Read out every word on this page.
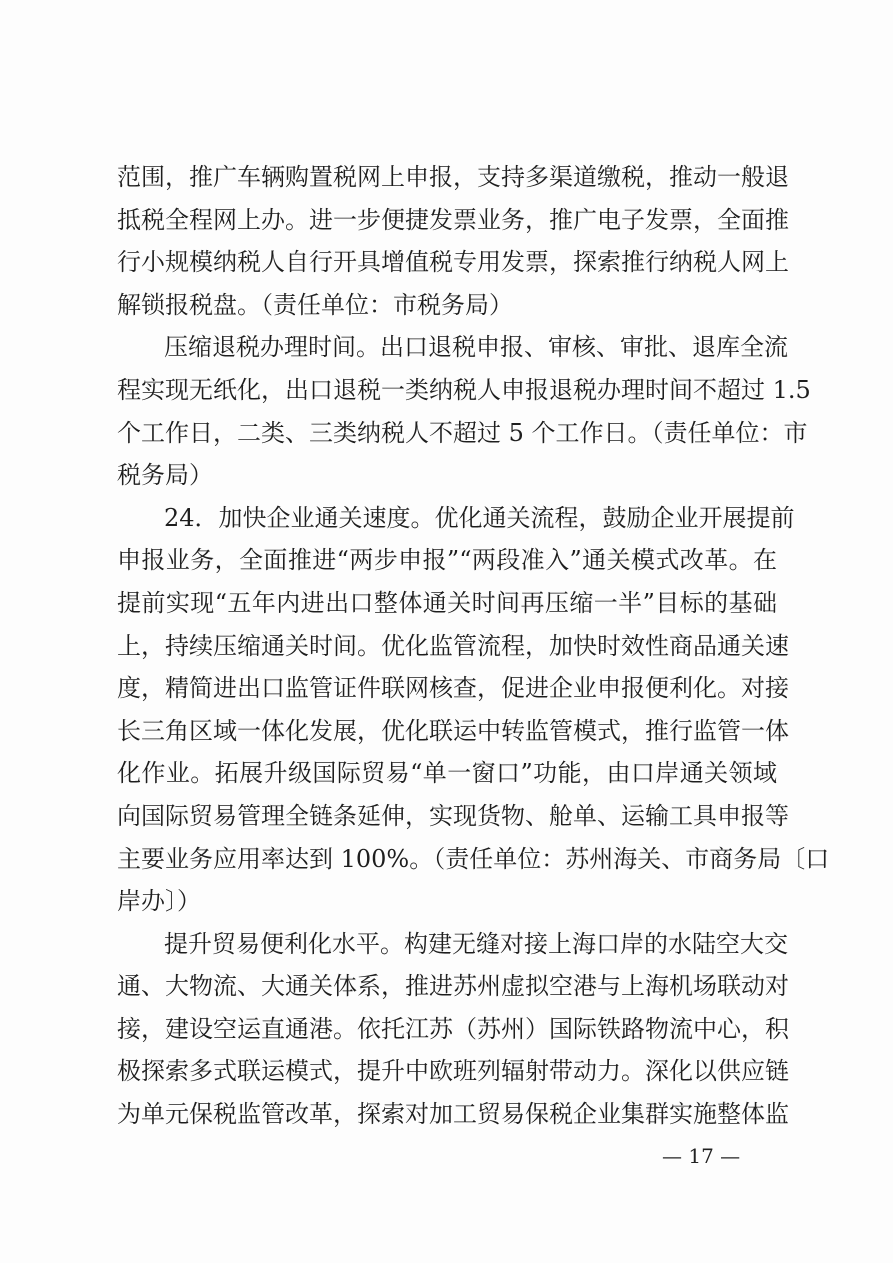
范围，推广车辆购置税网上申报，支持多渠道缴税，推动一般退
抵税全程网上办。进一步便捷发票业务，推广电子发票，全面推
行小规模纳税人自行开具增值税专用发票，探索推行纳税人网上
解锁报税盘。（责任单位：市税务局）
压缩退税办理时间。出口退税申报、审核、审批、退库全流
程实现无纸化，出口退税一类纳税人申报退税办理时间不超过 1.5
个工作日，二类、三类纳税人不超过 5 个工作日。（责任单位：市
税务局）
24．加快企业通关速度。优化通关流程，鼓励企业开展提前
申报业务，全面推进“两步申报”“两段准入”通关模式改革。在
提前实现“五年内进出口整体通关时间再压缩一半”目标的基础
上，持续压缩通关时间。优化监管流程，加快时效性商品通关速
度，精简进出口监管证件联网核查，促进企业申报便利化。对接
长三角区域一体化发展，优化联运中转监管模式，推行监管一体
化作业。拓展升级国际贸易“单一窗口”功能，由口岸通关领域
向国际贸易管理全链条延伸，实现货物、舱单、运输工具申报等
主要业务应用率达到 100%。（责任单位：苏州海关、市商务局〔口
岸办〕）
提升贸易便利化水平。构建无缝对接上海口岸的水陆空大交
通、大物流、大通关体系，推进苏州虚拟空港与上海机场联动对
接，建设空运直通港。依托江苏（苏州）国际铁路物流中心，积
极探索多式联运模式，提升中欧班列辐射带动力。深化以供应链
为单元保税监管改革，探索对加工贸易保税企业集群实施整体监
— 17 —
